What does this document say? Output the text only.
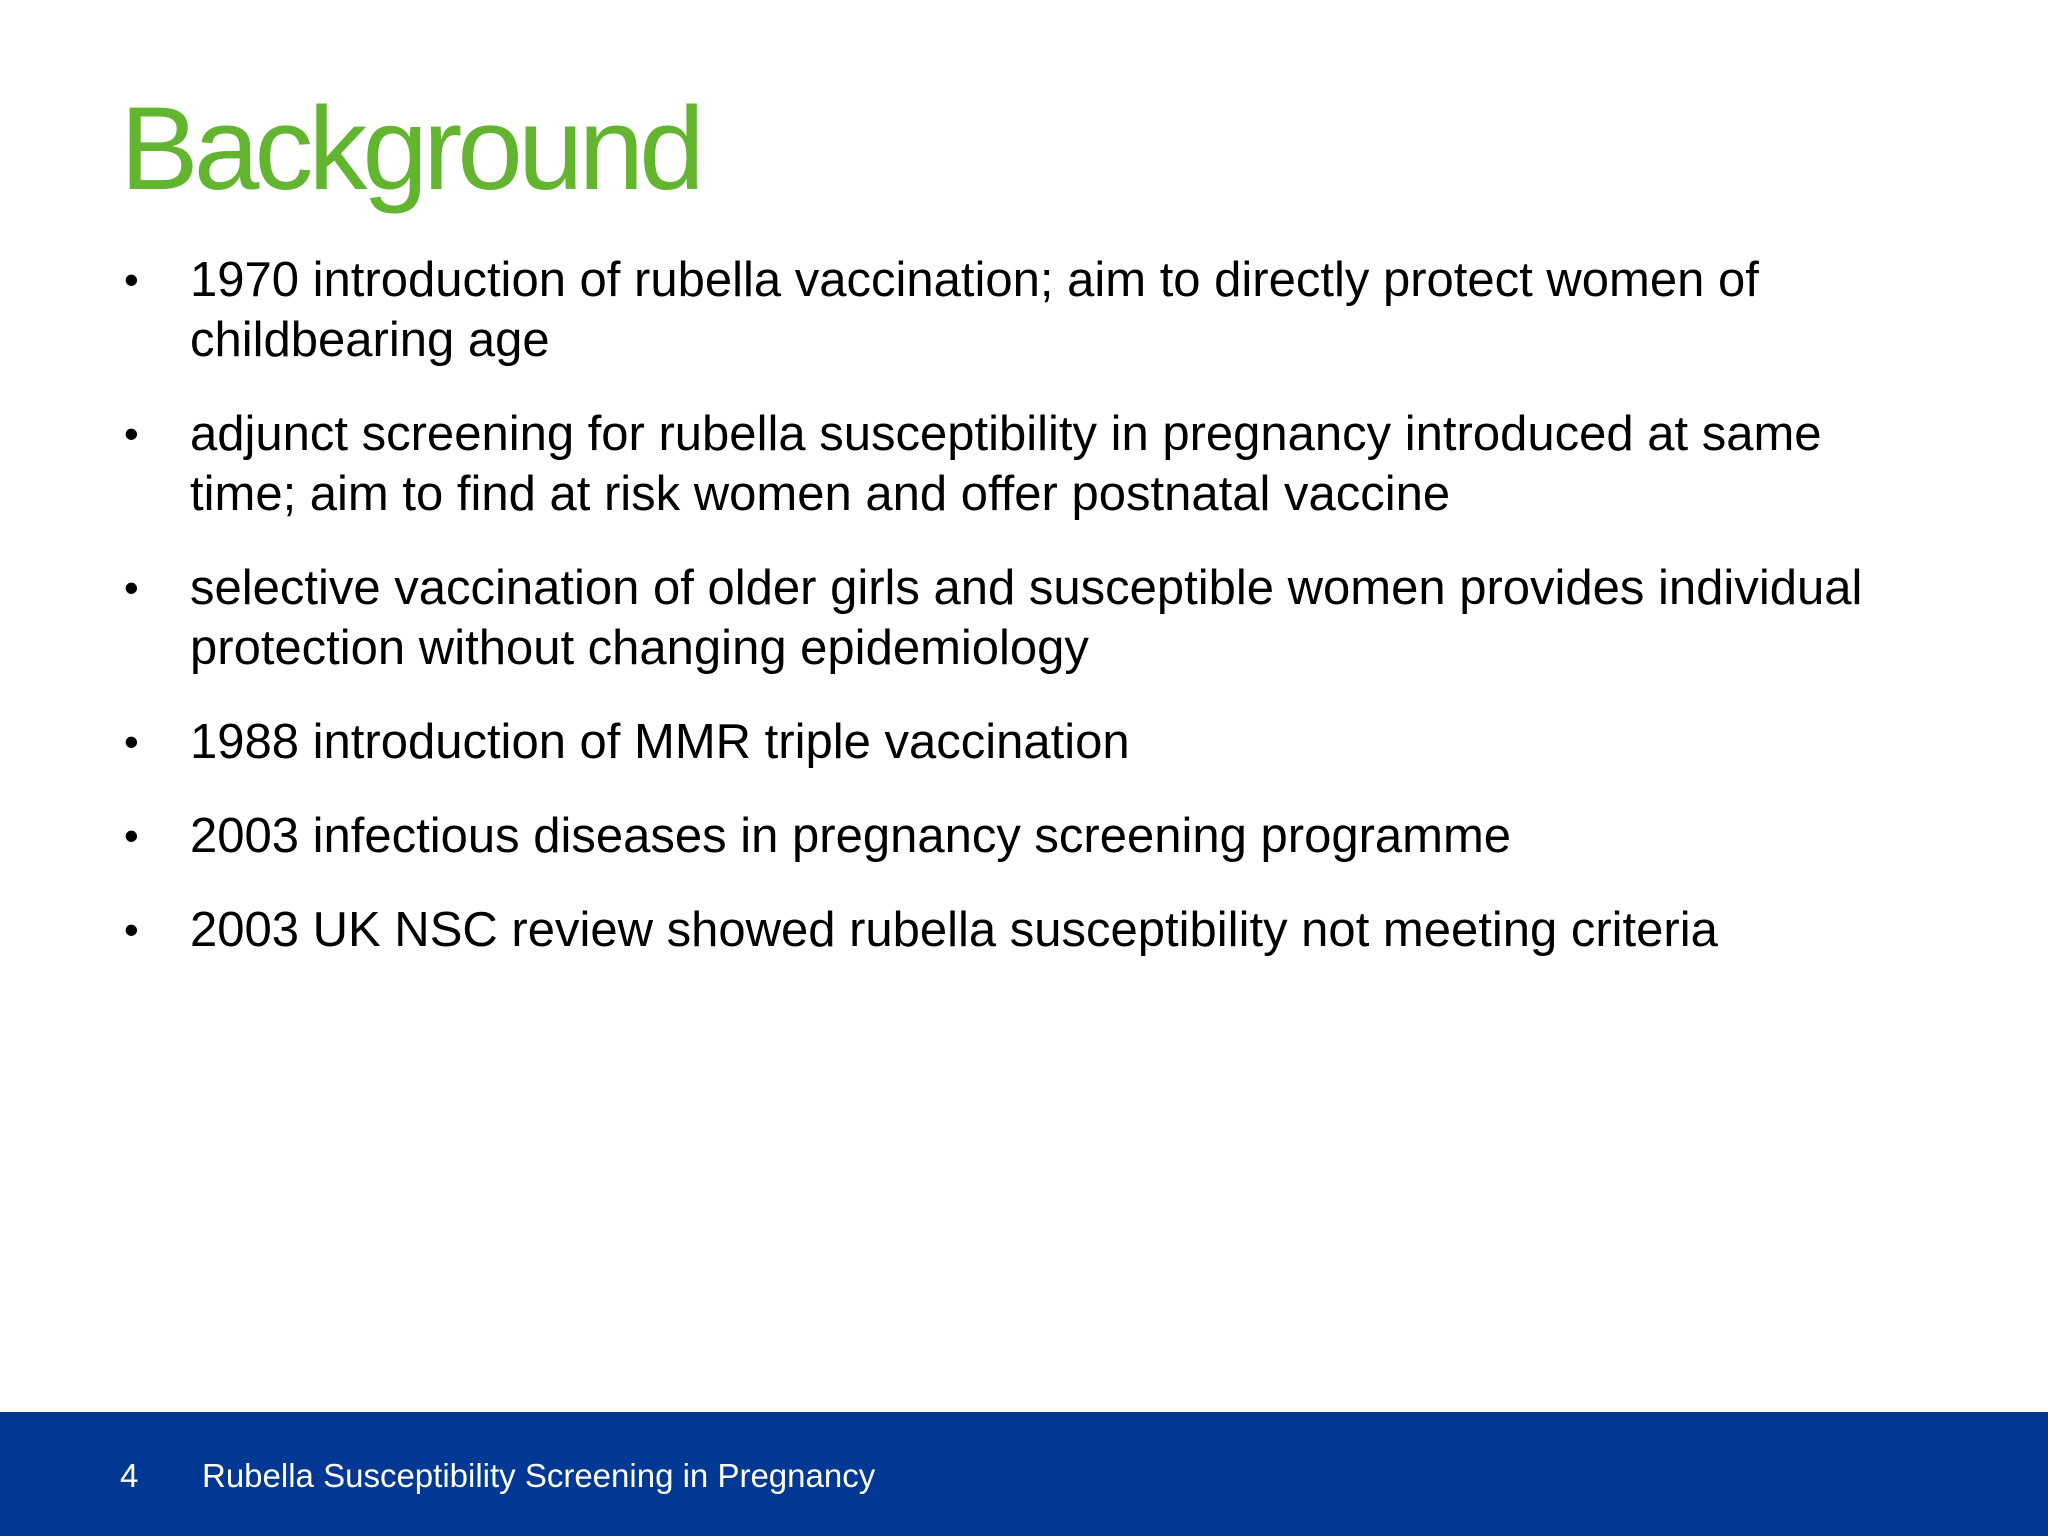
Background
• 1970 introduction of rubella vaccination; aim to directly protect women of childbearing age
• adjunct screening for rubella susceptibility in pregnancy introduced at same time; aim to find at risk women and offer postnatal vaccine
• selective vaccination of older girls and susceptible women provides individual protection without changing epidemiology
• 1988 introduction of MMR triple vaccination
• 2003 infectious diseases in pregnancy screening programme
• 2003 UK NSC review showed rubella susceptibility not meeting criteria
4 Rubella Susceptibility Screening in Pregnancy
